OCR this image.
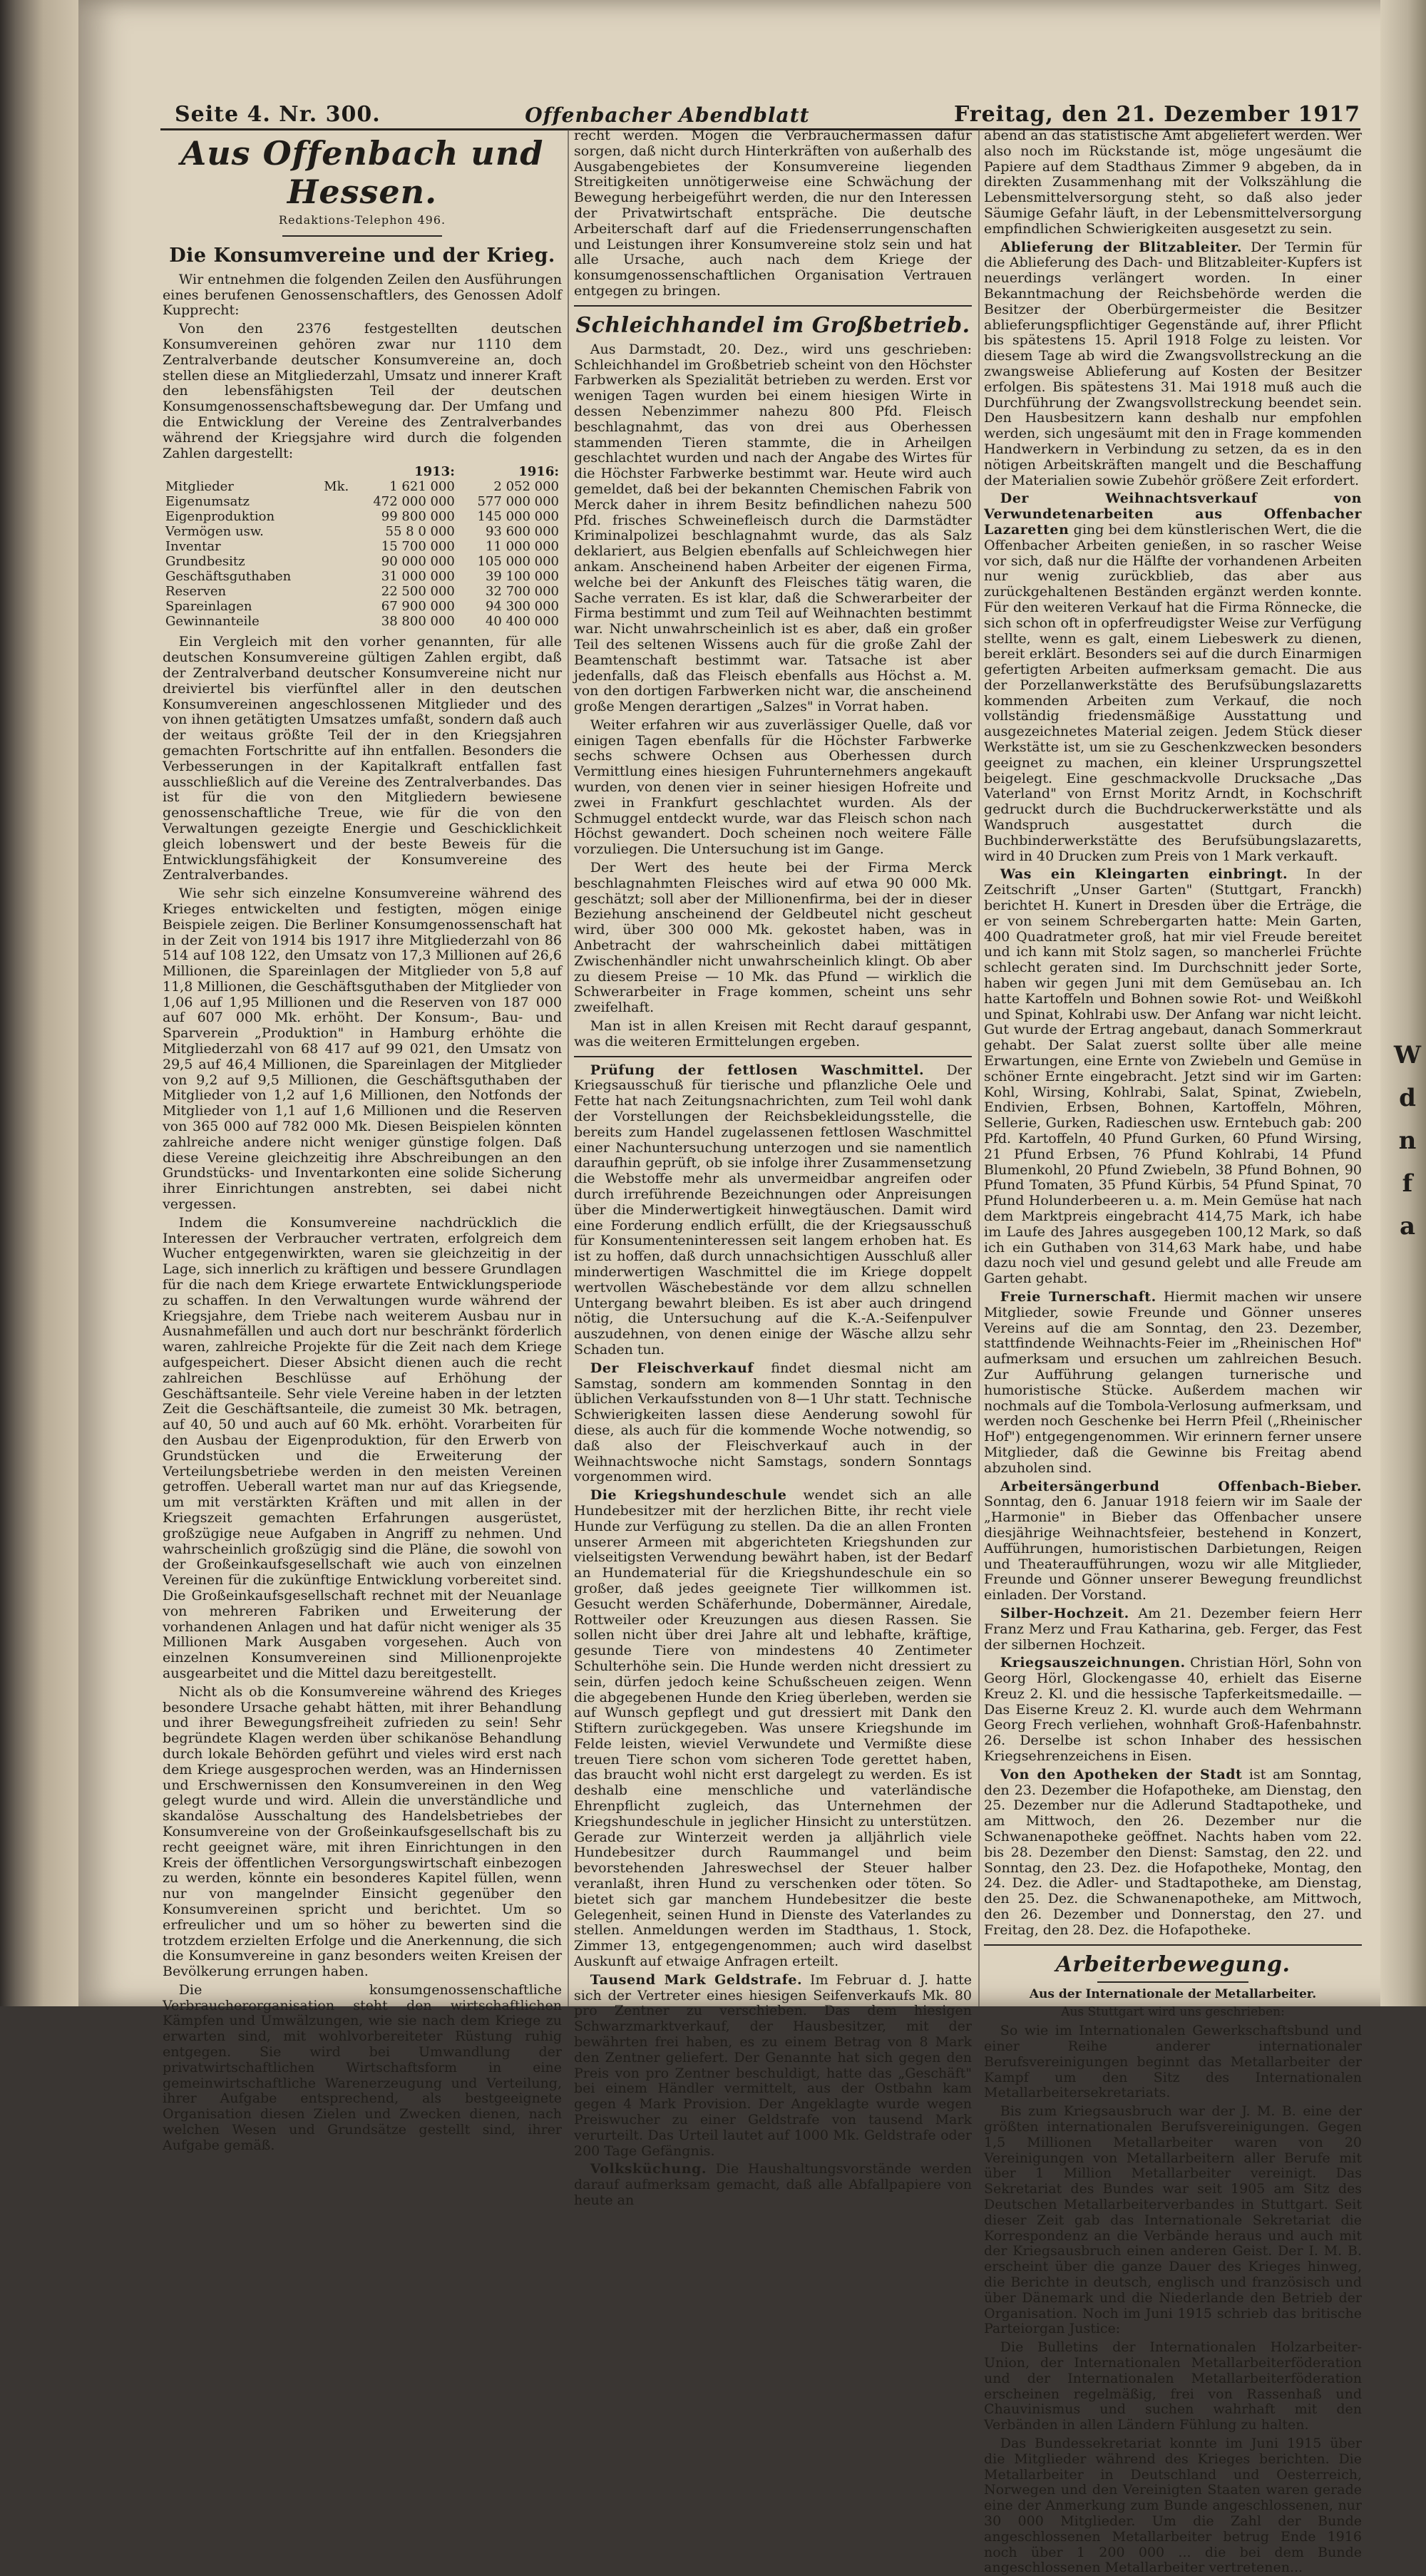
W
d
n
f
a
Seite 4. Nr. 300.	Offenbacher Abendblatt	Freitag, den 21. Dezember 1917
Aus Offenbach und Hessen.
Redaktions-Telephon 496.
Die Konsumvereine und der Krieg.

Wir entnehmen die folgenden Zeilen den Ausführungen eines berufenen Genossenschaftlers, des Genossen Adolf Kupprecht:

Von den 2376 festgestellten deutschen Konsumvereinen gehören zwar nur 1110 dem Zentralverbande deutscher Konsumvereine an, doch stellen diese an Mitgliederzahl, Umsatz und innerer Kraft den lebensfähigsten Teil der deutschen Konsumgenossenschaftsbewegung dar. Der Umfang und die Entwicklung der Vereine des Zentralverbandes während der Kriegsjahre wird durch die folgenden Zahlen dargestellt:

	1913:		1916:
Mitglieder	Mk.	1 621 000	2 052 000
Eigenumsatz		472 000 000	577 000 000
Eigenproduktion		99 800 000	145 000 000
Vermögen usw.		55 8 0 000	93 600 000
Inventar		15 700 000	11 000 000
Grundbesitz		90 000 000	105 000 000
Geschäftsguthaben		31 000 000	39 100 000
Reserven		22 500 000	32 700 000
Spareinlagen		67 900 000	94 300 000
Gewinnanteile		38 800 000	40 400 000

Ein Vergleich mit den vorher genannten, für alle deutschen Konsumvereine gültigen Zahlen ergibt, daß der Zentralverband deutscher Konsumvereine nicht nur dreiviertel bis vierfünftel aller in den deutschen Konsumvereinen angeschlossenen Mitglieder und des von ihnen getätigten Umsatzes umfaßt, sondern daß auch der weitaus größte Teil der in den Kriegsjahren gemachten Fortschritte auf ihn entfallen. Besonders die Verbesserungen in der Kapitalkraft entfallen fast ausschließlich auf die Vereine des Zentralverbandes. Das ist für die von den Mitgliedern bewiesene genossenschaftliche Treue, wie für die von den Verwaltungen gezeigte Energie und Geschicklichkeit gleich lobenswert und der beste Beweis für die Entwicklungsfähigkeit der Konsumvereine des Zentralverbandes.

Wie sehr sich einzelne Konsumvereine während des Krieges entwickelten und festigten, mögen einige Beispiele zeigen. Die Berliner Konsumgenossenschaft hat in der Zeit von 1914 bis 1917 ihre Mitgliederzahl von 86 514 auf 108 122, den Umsatz von 17,3 Millionen auf 26,6 Millionen, die Spareinlagen der Mitglieder von 5,8 auf 11,8 Millionen, die Geschäftsguthaben der Mitglieder von 1,06 auf 1,95 Millionen und die Reserven von 187 000 auf 607 000 Mk. erhöht. Der Konsum-, Bau- und Sparverein „Produktion" in Hamburg erhöhte die Mitgliederzahl von 68 417 auf 99 021, den Umsatz von 29,5 auf 46,4 Millionen, die Spareinlagen der Mitglieder von 9,2 auf 9,5 Millionen, die Geschäftsguthaben der Mitglieder von 1,2 auf 1,6 Millionen, den Notfonds der Mitglieder von 1,1 auf 1,6 Millionen und die Reserven von 365 000 auf 782 000 Mk. Diesen Beispielen könnten zahlreiche andere nicht weniger günstige folgen. Daß diese Vereine gleichzeitig ihre Abschreibungen an den Grundstücks- und Inventarkonten eine solide Sicherung ihrer Einrichtungen anstrebten, sei dabei nicht vergessen.

Indem die Konsumvereine nachdrücklich die Interessen der Verbraucher vertraten, erfolgreich dem Wucher entgegenwirkten, waren sie gleichzeitig in der Lage, sich innerlich zu kräftigen und bessere Grundlagen für die nach dem Kriege erwartete Entwicklungsperiode zu schaffen. In den Verwaltungen wurde während der Kriegsjahre, dem Triebe nach weiterem Ausbau nur in Ausnahmefällen und auch dort nur beschränkt förderlich waren, zahlreiche Projekte für die Zeit nach dem Kriege aufgespeichert. Dieser Absicht dienen auch die recht zahlreichen Beschlüsse auf Erhöhung der Geschäftsanteile. Sehr viele Vereine haben in der letzten Zeit die Geschäftsanteile, die zumeist 30 Mk. betragen, auf 40, 50 und auch auf 60 Mk. erhöht. Vorarbeiten für den Ausbau der Eigenproduktion, für den Erwerb von Grundstücken und die Erweiterung der Verteilungsbetriebe werden in den meisten Vereinen getroffen. Ueberall wartet man nur auf das Kriegsende, um mit verstärkten Kräften und mit allen in der Kriegszeit gemachten Erfahrungen ausgerüstet, großzügige neue Aufgaben in Angriff zu nehmen. Und wahrscheinlich großzügig sind die Pläne, die sowohl von der Großeinkaufsgesellschaft wie auch von einzelnen Vereinen für die zukünftige Entwicklung vorbereitet sind. Die Großeinkaufsgesellschaft rechnet mit der Neuanlage von mehreren Fabriken und Erweiterung der vorhandenen Anlagen und hat dafür nicht weniger als 35 Millionen Mark Ausgaben vorgesehen. Auch von einzelnen Konsumvereinen sind Millionenprojekte ausgearbeitet und die Mittel dazu bereitgestellt.

Nicht als ob die Konsumvereine während des Krieges besondere Ursache gehabt hätten, mit ihrer Behandlung und ihrer Bewegungsfreiheit zufrieden zu sein! Sehr begründete Klagen werden über schikanöse Behandlung durch lokale Behörden geführt und vieles wird erst nach dem Kriege ausgesprochen werden, was an Hindernissen und Erschwernissen den Konsumvereinen in den Weg gelegt wurde und wird. Allein die unverständliche und skandalöse Ausschaltung des Handelsbetriebes der Konsumvereine von der Großeinkaufsgesellschaft bis zu recht geeignet wäre, mit ihren Einrichtungen in den Kreis der öffentlichen Versorgungswirtschaft einbezogen zu werden, könnte ein besonderes Kapitel füllen, wenn nur von mangelnder Einsicht gegenüber den Konsumvereinen spricht und berichtet. Um so erfreulicher und um so höher zu bewerten sind die trotzdem erzielten Erfolge und die Anerkennung, die sich die Konsumvereine in ganz besonders weiten Kreisen der Bevölkerung errungen haben.

Die konsumgenossenschaftliche Verbraucherorganisation steht den wirtschaftlichen Kämpfen und Umwälzungen, wie sie nach dem Kriege zu erwarten sind, mit wohlvorbereiteter Rüstung ruhig entgegen. Sie wird bei Umwandlung der privatwirtschaftlichen Wirtschaftsform in eine gemeinwirtschaftliche Warenerzeugung und Verteilung, ihrer Aufgabe entsprechend, als bestgeeignete Organisation diesen Zielen und Zwecken dienen, nach welchen Wesen und Grundsätze gestellt sind, ihrer Aufgabe gemäß.

recht werden. Mögen die Verbrauchermassen dafür sorgen, daß nicht durch Hinterkräften von außerhalb des Ausgabengebietes der Konsumvereine liegenden Streitigkeiten unnötigerweise eine Schwächung der Bewegung herbeigeführt werden, die nur den Interessen der Privatwirtschaft entspräche. Die deutsche Arbeiterschaft darf auf die Friedenserrungenschaften und Leistungen ihrer Konsumvereine stolz sein und hat alle Ursache, auch nach dem Kriege der konsumgenossenschaftlichen Organisation Vertrauen entgegen zu bringen.

Schleichhandel im Großbetrieb.

Aus Darmstadt, 20. Dez., wird uns geschrieben: Schleichhandel im Großbetrieb scheint von den Höchster Farbwerken als Spezialität betrieben zu werden. Erst vor wenigen Tagen wurden bei einem hiesigen Wirte in dessen Nebenzimmer nahezu 800 Pfd. Fleisch beschlagnahmt, das von drei aus Oberhessen stammenden Tieren stammte, die in Arheilgen geschlachtet wurden und nach der Angabe des Wirtes für die Höchster Farbwerke bestimmt war. Heute wird auch gemeldet, daß bei der bekannten Chemischen Fabrik von Merck daher in ihrem Besitz befindlichen nahezu 500 Pfd. frisches Schweinefleisch durch die Darmstädter Kriminalpolizei beschlagnahmt wurde, das als Salz deklariert, aus Belgien ebenfalls auf Schleichwegen hier ankam. Anscheinend haben Arbeiter der eigenen Firma, welche bei der Ankunft des Fleisches tätig waren, die Sache verraten. Es ist klar, daß die Schwerarbeiter der Firma bestimmt und zum Teil auf Weihnachten bestimmt war. Nicht unwahrscheinlich ist es aber, daß ein großer Teil des seltenen Wissens auch für die große Zahl der Beamtenschaft bestimmt war. Tatsache ist aber jedenfalls, daß das Fleisch ebenfalls aus Höchst a. M. von den dortigen Farbwerken nicht war, die anscheinend große Mengen derartigen „Salzes" in Vorrat haben.

Weiter erfahren wir aus zuverlässiger Quelle, daß vor einigen Tagen ebenfalls für die Höchster Farbwerke sechs schwere Ochsen aus Oberhessen durch Vermittlung eines hiesigen Fuhrunternehmers angekauft wurden, von denen vier in seiner hiesigen Hofreite und zwei in Frankfurt geschlachtet wurden. Als der Schmuggel entdeckt wurde, war das Fleisch schon nach Höchst gewandert. Doch scheinen noch weitere Fälle vorzuliegen. Die Untersuchung ist im Gange.

Der Wert des heute bei der Firma Merck beschlagnahmten Fleisches wird auf etwa 90 000 Mk. geschätzt; soll aber der Millionenfirma, bei der in dieser Beziehung anscheinend der Geldbeutel nicht gescheut wird, über 300 000 Mk. gekostet haben, was in Anbetracht der wahrscheinlich dabei mittätigen Zwischenhändler nicht unwahrscheinlich klingt. Ob aber zu diesem Preise — 10 Mk. das Pfund — wirklich die Schwerarbeiter in Frage kommen, scheint uns sehr zweifelhaft.

Man ist in allen Kreisen mit Recht darauf gespannt, was die weiteren Ermittelungen ergeben.

Prüfung der fettlosen Waschmittel. Der Kriegsausschuß für tierische und pflanzliche Oele und Fette hat nach Zeitungsnachrichten, zum Teil wohl dank der Vorstellungen der Reichsbekleidungsstelle, die bereits zum Handel zugelassenen fettlosen Waschmittel einer Nachuntersuchung unterzogen und sie namentlich daraufhin geprüft, ob sie infolge ihrer Zusammensetzung die Webstoffe mehr als unvermeidbar angreifen oder durch irreführende Bezeichnungen oder Anpreisungen über die Minderwertigkeit hinwegtäuschen. Damit wird eine Forderung endlich erfüllt, die der Kriegsausschuß für Konsumenteninteressen seit langem erhoben hat. Es ist zu hoffen, daß durch unnachsichtigen Ausschluß aller minderwertigen Waschmittel die im Kriege doppelt wertvollen Wäschebestände vor dem allzu schnellen Untergang bewahrt bleiben. Es ist aber auch dringend nötig, die Untersuchung auf die K.-A.-Seifenpulver auszudehnen, von denen einige der Wäsche allzu sehr Schaden tun.

Der Fleischverkauf findet diesmal nicht am Samstag, sondern am kommenden Sonntag in den üblichen Verkaufsstunden von 8—1 Uhr statt. Technische Schwierigkeiten lassen diese Aenderung sowohl für diese, als auch für die kommende Woche notwendig, so daß also der Fleischverkauf auch in der Weihnachtswoche nicht Samstags, sondern Sonntags vorgenommen wird.

Die Kriegshundeschule wendet sich an alle Hundebesitzer mit der herzlichen Bitte, ihr recht viele Hunde zur Verfügung zu stellen. Da die an allen Fronten unserer Armeen mit abgerichteten Kriegshunden zur vielseitigsten Verwendung bewährt haben, ist der Bedarf an Hundematerial für die Kriegshundeschule ein so großer, daß jedes geeignete Tier willkommen ist. Gesucht werden Schäferhunde, Dobermänner, Airedale, Rottweiler oder Kreuzungen aus diesen Rassen. Sie sollen nicht über drei Jahre alt und lebhafte, kräftige, gesunde Tiere von mindestens 40 Zentimeter Schulterhöhe sein. Die Hunde werden nicht dressiert zu sein, dürfen jedoch keine Schußscheuen zeigen. Wenn die abgegebenen Hunde den Krieg überleben, werden sie auf Wunsch gepflegt und gut dressiert mit Dank den Stiftern zurückgegeben. Was unsere Kriegshunde im Felde leisten, wieviel Verwundete und Vermißte diese treuen Tiere schon vom sicheren Tode gerettet haben, das braucht wohl nicht erst dargelegt zu werden. Es ist deshalb eine menschliche und vaterländische Ehrenpflicht zugleich, das Unternehmen der Kriegshundeschule in jeglicher Hinsicht zu unterstützen. Gerade zur Winterzeit werden ja alljährlich viele Hundebesitzer durch Raummangel und beim bevorstehenden Jahreswechsel der Steuer halber veranlaßt, ihren Hund zu verschenken oder töten. So bietet sich gar manchem Hundebesitzer die beste Gelegenheit, seinen Hund in Dienste des Vaterlandes zu stellen. Anmeldungen werden im Stadthaus, 1. Stock, Zimmer 13, entgegengenommen; auch wird daselbst Auskunft auf etwaige Anfragen erteilt.

Tausend Mark Geldstrafe. Im Februar d. J. hatte sich der Vertreter eines hiesigen Seifenverkaufs Mk. 80 pro Zentner zu verschieben. Das dem hiesigen Schwarzmarktverkauf, der Hausbesitzer, mit der bewährten frei haben, es zu einem Betrag von 8 Mark den Zentner geliefert. Der Genannte hat sich gegen den Preis von pro Zentner beschuldigt, hatte das „Geschäft" bei einem Händler vermittelt, aus der Ostbahn kam gegen 4 Mark Provision. Der Angeklagte wurde wegen Preiswucher zu einer Geldstrafe von tausend Mark verurteilt. Das Urteil lautet auf 1000 Mk. Geldstrafe oder 200 Tage Gefängnis.

Volksküchung. Die Haushaltungsvorstände werden darauf aufmerksam gemacht, daß alle Abfallpapiere von heute an

abend an das statistische Amt abgeliefert werden. Wer also noch im Rückstande ist, möge ungesäumt die Papiere auf dem Stadthaus Zimmer 9 abgeben, da in direkten Zusammenhang mit der Volkszählung die Lebensmittelversorgung steht, so daß also jeder Säumige Gefahr läuft, in der Lebensmittelversorgung empfindlichen Schwierigkeiten ausgesetzt zu sein.

Ablieferung der Blitzableiter. Der Termin für die Ablieferung des Dach- und Blitzableiter-Kupfers ist neuerdings verlängert worden. In einer Bekanntmachung der Reichsbehörde werden die Besitzer der Oberbürgermeister die Besitzer ablieferungspflichtiger Gegenstände auf, ihrer Pflicht bis spätestens 15. April 1918 Folge zu leisten. Vor diesem Tage ab wird die Zwangsvollstreckung an die zwangsweise Ablieferung auf Kosten der Besitzer erfolgen. Bis spätestens 31. Mai 1918 muß auch die Durchführung der Zwangsvollstreckung beendet sein. Den Hausbesitzern kann deshalb nur empfohlen werden, sich ungesäumt mit den in Frage kommenden Handwerkern in Verbindung zu setzen, da es in den nötigen Arbeitskräften mangelt und die Beschaffung der Materialien sowie Zubehör größere Zeit erfordert.

Der Weihnachtsverkauf von Verwundetenarbeiten aus Offenbacher Lazaretten ging bei dem künstlerischen Wert, die die Offenbacher Arbeiten genießen, in so rascher Weise vor sich, daß nur die Hälfte der vorhandenen Arbeiten nur wenig zurückblieb, das aber aus zurückgehaltenen Beständen ergänzt werden konnte. Für den weiteren Verkauf hat die Firma Rönnecke, die sich schon oft in opferfreudigster Weise zur Verfügung stellte, wenn es galt, einem Liebeswerk zu dienen, bereit erklärt. Besonders sei auf die durch Einarmigen gefertigten Arbeiten aufmerksam gemacht. Die aus der Porzellanwerkstätte des Berufsübungslazaretts kommenden Arbeiten zum Verkauf, die noch vollständig friedensmäßige Ausstattung und ausgezeichnetes Material zeigen. Jedem Stück dieser Werkstätte ist, um sie zu Geschenkzwecken besonders geeignet zu machen, ein kleiner Ursprungszettel beigelegt. Eine geschmackvolle Drucksache „Das Vaterland" von Ernst Moritz Arndt, in Kochschrift gedruckt durch die Buchdruckerwerkstätte und als Wandspruch ausgestattet durch die Buchbinderwerkstätte des Berufsübungslazaretts, wird in 40 Drucken zum Preis von 1 Mark verkauft.

Was ein Kleingarten einbringt. In der Zeitschrift „Unser Garten" (Stuttgart, Franckh) berichtet H. Kunert in Dresden über die Erträge, die er von seinem Schrebergarten hatte: Mein Garten, 400 Quadratmeter groß, hat mir viel Freude bereitet und ich kann mit Stolz sagen, so mancherlei Früchte schlecht geraten sind. Im Durchschnitt jeder Sorte, haben wir gegen Juni mit dem Gemüsebau an. Ich hatte Kartoffeln und Bohnen sowie Rot- und Weißkohl und Spinat, Kohlrabi usw. Der Anfang war nicht leicht. Gut wurde der Ertrag angebaut, danach Sommerkraut gehabt. Der Salat zuerst sollte über alle meine Erwartungen, eine Ernte von Zwiebeln und Gemüse in schöner Ernte eingebracht. Jetzt sind wir im Garten: Kohl, Wirsing, Kohlrabi, Salat, Spinat, Zwiebeln, Endivien, Erbsen, Bohnen, Kartoffeln, Möhren, Sellerie, Gurken, Radieschen usw. Erntebuch gab: 200 Pfd. Kartoffeln, 40 Pfund Gurken, 60 Pfund Wirsing, 21 Pfund Erbsen, 76 Pfund Kohlrabi, 14 Pfund Blumenkohl, 20 Pfund Zwiebeln, 38 Pfund Bohnen, 90 Pfund Tomaten, 35 Pfund Kürbis, 54 Pfund Spinat, 70 Pfund Holunderbeeren u. a. m. Mein Gemüse hat nach dem Marktpreis eingebracht 414,75 Mark, ich habe im Laufe des Jahres ausgegeben 100,12 Mark, so daß ich ein Guthaben von 314,63 Mark habe, und habe dazu noch viel und gesund gelebt und alle Freude am Garten gehabt.

Freie Turnerschaft. Hiermit machen wir unsere Mitglieder, sowie Freunde und Gönner unseres Vereins auf die am Sonntag, den 23. Dezember, stattfindende Weihnachts-Feier im „Rheinischen Hof" aufmerksam und ersuchen um zahlreichen Besuch. Zur Aufführung gelangen turnerische und humoristische Stücke. Außerdem machen wir nochmals auf die Tombola-Verlosung aufmerksam, und werden noch Geschenke bei Herrn Pfeil („Rheinischer Hof") entgegengenommen. Wir erinnern ferner unsere Mitglieder, daß die Gewinne bis Freitag abend abzuholen sind.

Arbeitersängerbund Offenbach-Bieber. Sonntag, den 6. Januar 1918 feiern wir im Saale der „Harmonie" in Bieber das Offenbacher unsere diesjährige Weihnachtsfeier, bestehend in Konzert, Aufführungen, humoristischen Darbietungen, Reigen und Theateraufführungen, wozu wir alle Mitglieder, Freunde und Gönner unserer Bewegung freundlichst einladen. Der Vorstand.

Silber-Hochzeit. Am 21. Dezember feiern Herr Franz Merz und Frau Katharina, geb. Ferger, das Fest der silbernen Hochzeit.

Kriegsauszeichnungen. Christian Hörl, Sohn von Georg Hörl, Glockengasse 40, erhielt das Eiserne Kreuz 2. Kl. und die hessische Tapferkeitsmedaille. — Das Eiserne Kreuz 2. Kl. wurde auch dem Wehrmann Georg Frech verliehen, wohnhaft Groß-Hafenbahnstr. 26. Derselbe ist schon Inhaber des hessischen Kriegsehrenzeichens in Eisen.

Von den Apotheken der Stadt ist am Sonntag, den 23. Dezember die Hofapotheke, am Dienstag, den 25. Dezember nur die Adlerund Stadtapotheke, und am Mittwoch, den 26. Dezember nur die Schwanenapotheke geöffnet. Nachts haben vom 22. bis 28. Dezember den Dienst: Samstag, den 22. und Sonntag, den 23. Dez. die Hofapotheke, Montag, den 24. Dez. die Adler- und Stadtapotheke, am Dienstag, den 25. Dez. die Schwanenapotheke, am Mittwoch, den 26. Dezember und Donnerstag, den 27. und Freitag, den 28. Dez. die Hofapotheke.

Arbeiterbewegung.
Aus der Internationale der Metallarbeiter.
Aus Stuttgart wird uns geschrieben:

So wie im Internationalen Gewerkschaftsbund und einer Reihe anderer internationaler Berufsvereinigungen beginnt das Metallarbeiter der Kampf um den Sitz des Internationalen Metallarbeitersekretariats.

Bis zum Kriegsausbruch war der J. M. B. eine der größten internationalen Berufsvereinigungen. Gegen 1,5 Millionen Metallarbeiter waren von 20 Vereinigungen von Metallarbeitern aller Berufe mit über 1 Million Metallarbeiter vereinigt. Das Sekretariat des Bundes war seit 1905 am Sitz des Deutschen Metallarbeiterverbandes in Stuttgart. Seit dieser Zeit gab das Internationale Sekretariat die Korrespondenz an die Verbände heraus und auch mit der Kriegsausbruch einen anderen Geist. Der I. M. B. erscheint über die ganze Dauer des Krieges hinweg, die Berichte in deutsch, englisch und französisch und über Dänemark und die Niederlande den Betrieb der Organisation. Noch im Juni 1915 schrieb das britische Parteiorgan Justice:

Die Bulletins der Internationalen Holzarbeiter-Union, der Internationalen Metallarbeiterföderation und der Internationalen Metallarbeiterföderation erscheinen regelmäßig, frei von Rassenhaß und Chauvinismus und suchen wahrhaft mit den Verbänden in allen Ländern Fühlung zu halten.

Das Bundessekretariat konnte im Juni 1915 über die Mitglieder während des Krieges berichten. Die Metallarbeiter in Deutschland und Oesterreich, Norwegen und den Vereinigten Staaten waren gerade eine der Anmerkung zum Bunde angeschlossenen, nur 30 000 Mitglieder. Um die Zahl der Bunde angeschlossenen Metallarbeiter betrug Ende 1916 noch über 1 200 000 ... die bei dem Bunde angeschlossenen Metallarbeiter vertretenen...
